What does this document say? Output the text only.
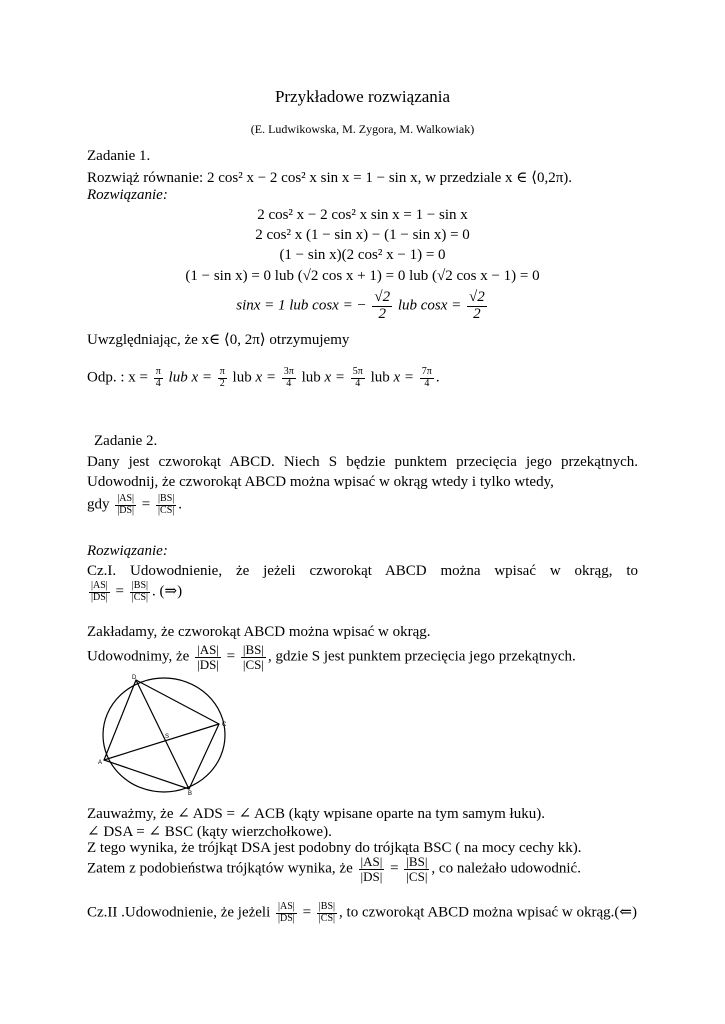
Przykładowe rozwiązania
(E. Ludwikowska, M. Zygora, M. Walkowiak)
Zadanie 1.
Rozwiąż równanie: 2 cos² x − 2 cos² x sin x = 1 − sin x, w przedziale x ∈ ⟨0,2π).
Rozwiązanie:
2 cos² x − 2 cos² x sin x = 1 − sin x
2 cos² x (1 − sin x) − (1 − sin x) = 0
(1 − sin x)(2 cos² x − 1) = 0
(1 − sin x) = 0 lub (√2 cos x + 1) = 0 lub (√2 cos x − 1) = 0
sinx = 1 lub cosx = − $\frac{√2}{2}$ lub $\cos x = \frac{√2}{2}$
Uwzględniając, że x∈ ⟨0, 2π⟩ otrzymujemy
Odp. : $x = \frac{\pi}{4}$ lub $x = \frac{\pi}{2}$ lub $x = \frac{3\pi}{4}$ lub $x = \frac{5\pi}{4}$ lub $x = \frac{7\pi}{4}$ .
Zadanie 2.
Dany jest czworokąt ABCD. Niech S będzie punktem przecięcia jego przekątnych.
Udowodnij, że czworokąt ABCD można wpisać w okrąg wtedy i tylko wtedy,
gdy $\frac{|AS|}{|DS|} = \frac{|BS|}{|CS|}$ .
Rozwiązanie:
Cz.I. Udowodnienie, że jeżeli czworokąt ABCD można wpisać w okrąg, to
$\frac{|AS|}{|DS|} = \frac{|BS|}{|CS|}$ . (⇒)
Zakładamy, że czworokąt ABCD można wpisać w okrąg.
Udowodnimy, że $\frac{|AS|}{|DS|} = \frac{|BS|}{|CS|}$ , gdzie S jest punktem przecięcia jego przekątnych.
D
C
B
A
S
Zauważmy, że ∠ ADS = ∠ ACB (kąty wpisane oparte na tym samym łuku).
∠ DSA = ∠ BSC (kąty wierzchołkowe).
Z tego wynika, że trójkąt DSA jest podobny do trójkąta BSC ( na mocy cechy kk).
Zatem z podobieństwa trójkątów wynika, że $\frac{|AS|}{|DS|} = \frac{|BS|}{|CS|}$ , co należało udowodnić.
Cz.II .Udowodnienie, że jeżeli $\frac{|AS|}{|DS|} = \frac{|BS|}{|CS|}$ , to czworokąt ABCD można wpisać w okrąg.(⇐)
